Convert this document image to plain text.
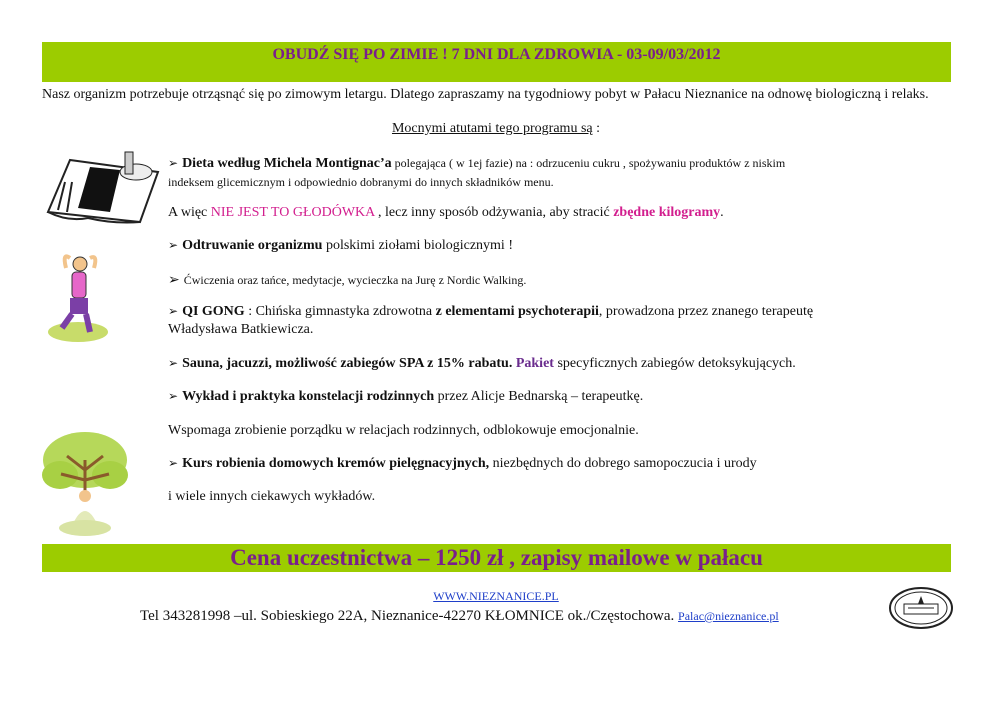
OBUDŹ SIĘ PO ZIMIE ! 7 DNI DLA ZDROWIA - 03-09/03/2012
Nasz organizm potrzebuje otrząsnąć się po zimowym letargu. Dlatego zapraszamy na tygodniowy pobyt w Pałacu Nieznanice na odnowę biologiczną i relaks.
Mocnymi atutami tego programu są :
➢ Dieta według Michela Montignac’a polegająca ( w 1ej fazie) na : odrzuceniu cukru , spożywaniu produktów z niskim
indeksem glicemicznym i odpowiednio dobranymi do innych składników menu.
A więc NIE JEST TO GŁODÓWKA , lecz inny sposób odżywania, aby stracić zbędne kilogramy.
➢ Odtruwanie organizmu polskimi ziołami biologicznymi !
➢ Ćwiczenia oraz tańce, medytacje, wycieczka na Jurę z Nordic Walking.
➢ QI GONG : Chińska gimnastyka zdrowotna z elementami psychoterapii, prowadzona przez znanego terapeutę
Władysława Batkiewicza.
➢ Sauna, jacuzzi, możliwość zabiegów SPA z 15% rabatu. Pakiet specyficznych zabiegów detoksykujących.
➢ Wykład i praktyka konstelacji rodzinnych przez Alicje Bednarską – terapeutkę.
Wspomaga zrobienie porządku w relacjach rodzinnych, odblokowuje emocjonalnie.
➢ Kurs robienia domowych kremów pielęgnacyjnych, niezbędnych do dobrego samopoczucia i urody
i wiele innych ciekawych wykładów.
Cena uczestnictwa – 1250 zł , zapisy mailowe w pałacu
WWW.NIEZNANICE.PL
Tel 343281998 –ul. Sobieskiego 22A, Nieznanice-42270 KŁOMNICE ok./Częstochowa. Palac@nieznanice.pl
